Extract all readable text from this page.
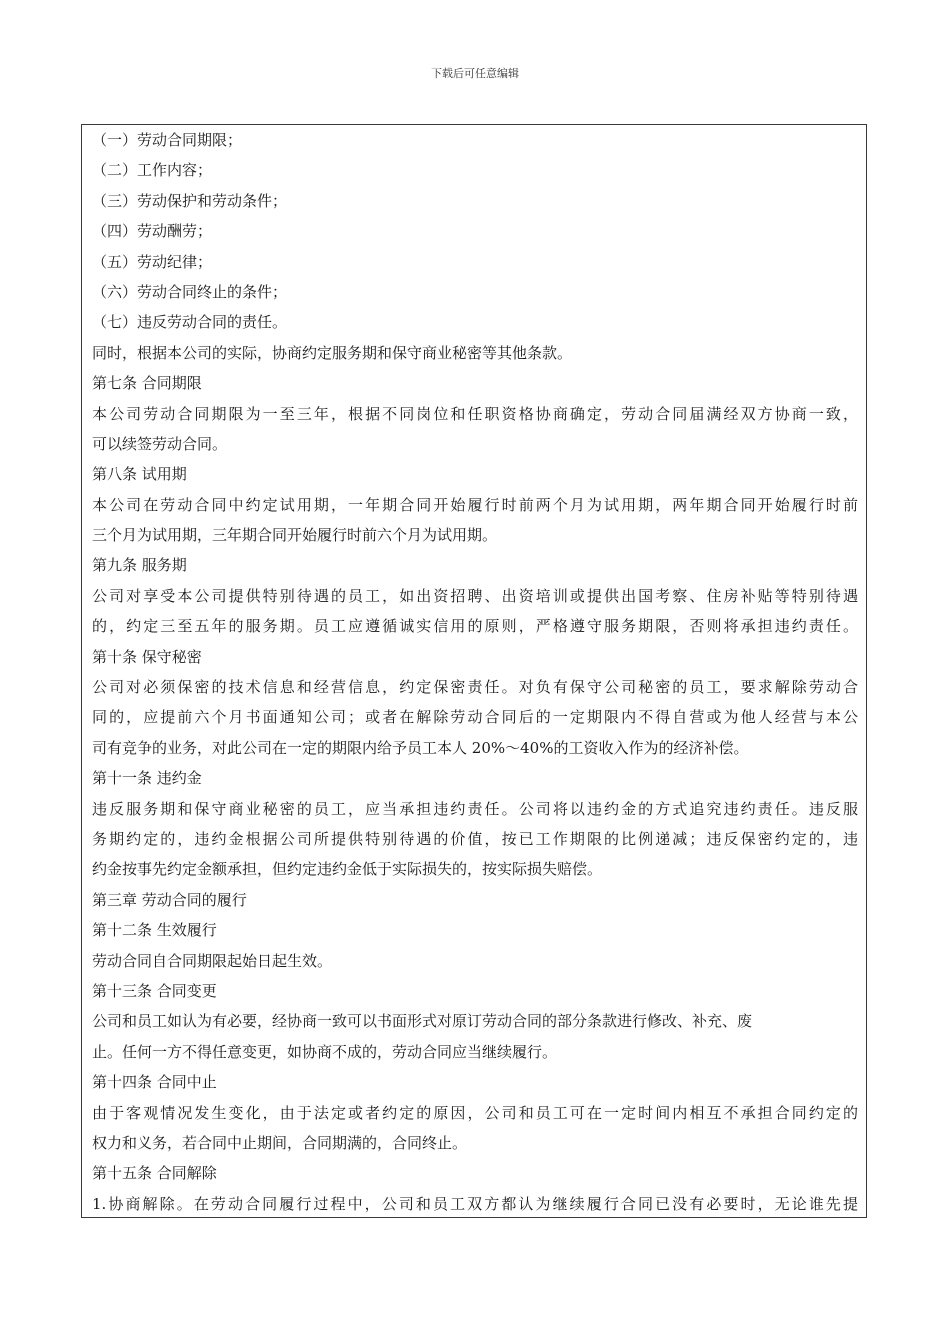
下载后可任意编辑
（一）劳动合同期限；
（二）工作内容；
（三）劳动保护和劳动条件；
（四）劳动酬劳；
（五）劳动纪律；
（六）劳动合同终止的条件；
（七）违反劳动合同的责任。
同时，根据本公司的实际，协商约定服务期和保守商业秘密等其他条款。
第七条 合同期限
本公司劳动合同期限为一至三年，根据不同岗位和任职资格协商确定，劳动合同届满经双方协商一致，
可以续签劳动合同。
第八条 试用期
本公司在劳动合同中约定试用期，一年期合同开始履行时前两个月为试用期，两年期合同开始履行时前
三个月为试用期，三年期合同开始履行时前六个月为试用期。
第九条 服务期
公司对享受本公司提供特别待遇的员工，如出资招聘、出资培训或提供出国考察、住房补贴等特别待遇
的，约定三至五年的服务期。员工应遵循诚实信用的原则，严格遵守服务期限，否则将承担违约责任。
第十条 保守秘密
公司对必须保密的技术信息和经营信息，约定保密责任。对负有保守公司秘密的员工，要求解除劳动合
同的，应提前六个月书面通知公司；或者在解除劳动合同后的一定期限内不得自营或为他人经营与本公
司有竞争的业务，对此公司在一定的期限内给予员工本人 20%～40%的工资收入作为的经济补偿。
第十一条 违约金
违反服务期和保守商业秘密的员工，应当承担违约责任。公司将以违约金的方式追究违约责任。违反服
务期约定的，违约金根据公司所提供特别待遇的价值，按已工作期限的比例递减；违反保密约定的，违
约金按事先约定金额承担，但约定违约金低于实际损失的，按实际损失赔偿。
第三章 劳动合同的履行
第十二条 生效履行
劳动合同自合同期限起始日起生效。
第十三条 合同变更
公司和员工如认为有必要，经协商一致可以书面形式对原订劳动合同的部分条款进行修改、补充、废
止。任何一方不得任意变更，如协商不成的，劳动合同应当继续履行。
第十四条 合同中止
由于客观情况发生变化，由于法定或者约定的原因，公司和员工可在一定时间内相互不承担合同约定的
权力和义务，若合同中止期间，合同期满的，合同终止。
第十五条 合同解除
1.协商解除。在劳动合同履行过程中，公司和员工双方都认为继续履行合同已没有必要时，无论谁先提
